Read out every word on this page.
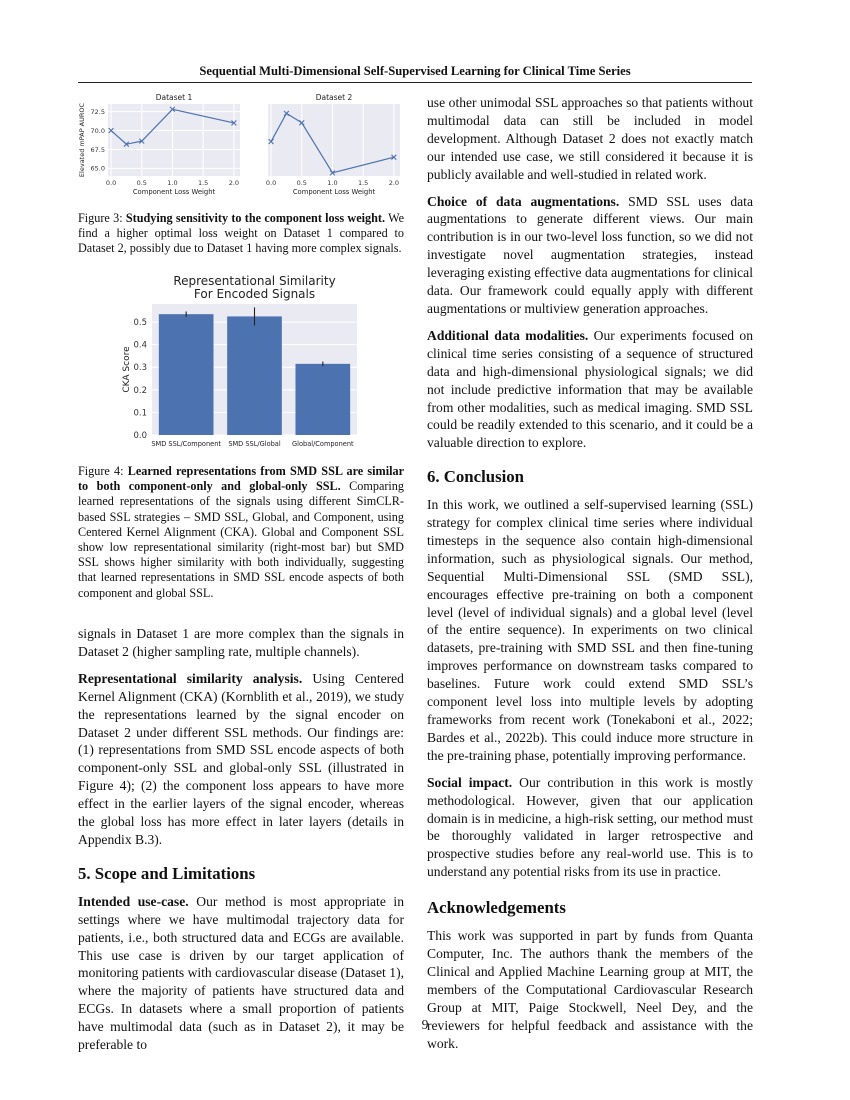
Sequential Multi-Dimensional Self-Supervised Learning for Clinical Time Series
0.0	0.5	1.0	1.5	2.0
65.0
67.5
70.0
72.5
Dataset 1
Component Loss Weight
Elevated mPAP AUROC
0.0	0.5	1.0	1.5	2.0
Dataset 2
Component Loss Weight

Figure 3: Studying sensitivity to the component loss weight. We find a higher optimal loss weight on Dataset 1 compared to Dataset 2, possibly due to Dataset 1 having more complex signals.

0.0
0.1
0.2
0.3
0.4
0.5
SMD SSL/Component SMD SSL/Global Global/Component
Representational Similarity
For Encoded Signals
CKA Score

Figure 4: Learned representations from SMD SSL are similar to both component-only and global-only SSL. Comparing learned representations of the signals using different SimCLR-based SSL strategies – SMD SSL, Global, and Component, using Centered Kernel Alignment (CKA). Global and Component SSL show low representational similarity (right-most bar) but SMD SSL shows higher similarity with both individually, suggesting that learned representations in SMD SSL encode aspects of both component and global SSL.

signals in Dataset 1 are more complex than the signals in Dataset 2 (higher sampling rate, multiple channels).

Representational similarity analysis. Using Centered Kernel Alignment (CKA) (Kornblith et al., 2019), we study the representations learned by the signal encoder on Dataset 2 under different SSL methods. Our findings are: (1) representations from SMD SSL encode aspects of both component-only SSL and global-only SSL (illustrated in Figure 4); (2) the component loss appears to have more effect in the earlier layers of the signal encoder, whereas the global loss has more effect in later layers (details in Appendix B.3).

5. Scope and Limitations

Intended use-case. Our method is most appropriate in settings where we have multimodal trajectory data for patients, i.e., both structured data and ECGs are available. This use case is driven by our target application of monitoring patients with cardiovascular disease (Dataset 1), where the majority of patients have structured data and ECGs. In datasets where a small proportion of patients have multimodal data (such as in Dataset 2), it may be preferable to

use other unimodal SSL approaches so that patients without multimodal data can still be included in model development. Although Dataset 2 does not exactly match our intended use case, we still considered it because it is publicly available and well-studied in related work.

Choice of data augmentations. SMD SSL uses data augmentations to generate different views. Our main contribution is in our two-level loss function, so we did not investigate novel augmentation strategies, instead leveraging existing effective data augmentations for clinical data. Our framework could equally apply with different augmentations or multiview generation approaches.

Additional data modalities. Our experiments focused on clinical time series consisting of a sequence of structured data and high-dimensional physiological signals; we did not include predictive information that may be available from other modalities, such as medical imaging. SMD SSL could be readily extended to this scenario, and it could be a valuable direction to explore.

6. Conclusion

In this work, we outlined a self-supervised learning (SSL) strategy for complex clinical time series where individual timesteps in the sequence also contain high-dimensional information, such as physiological signals. Our method, Sequential Multi-Dimensional SSL (SMD SSL), encourages effective pre-training on both a component level (level of individual signals) and a global level (level of the entire sequence). In experiments on two clinical datasets, pre-training with SMD SSL and then fine-tuning improves performance on downstream tasks compared to baselines. Future work could extend SMD SSL’s component level loss into multiple levels by adopting frameworks from recent work (Tonekaboni et al., 2022; Bardes et al., 2022b). This could induce more structure in the pre-training phase, potentially improving performance.

Social impact. Our contribution in this work is mostly methodological. However, given that our application domain is in medicine, a high-risk setting, our method must be thoroughly validated in larger retrospective and prospective studies before any real-world use. This is to understand any potential risks from its use in practice.

Acknowledgements

This work was supported in part by funds from Quanta Computer, Inc. The authors thank the members of the Clinical and Applied Machine Learning group at MIT, the members of the Computational Cardiovascular Research Group at MIT, Paige Stockwell, Neel Dey, and the reviewers for helpful feedback and assistance with the work.

9
